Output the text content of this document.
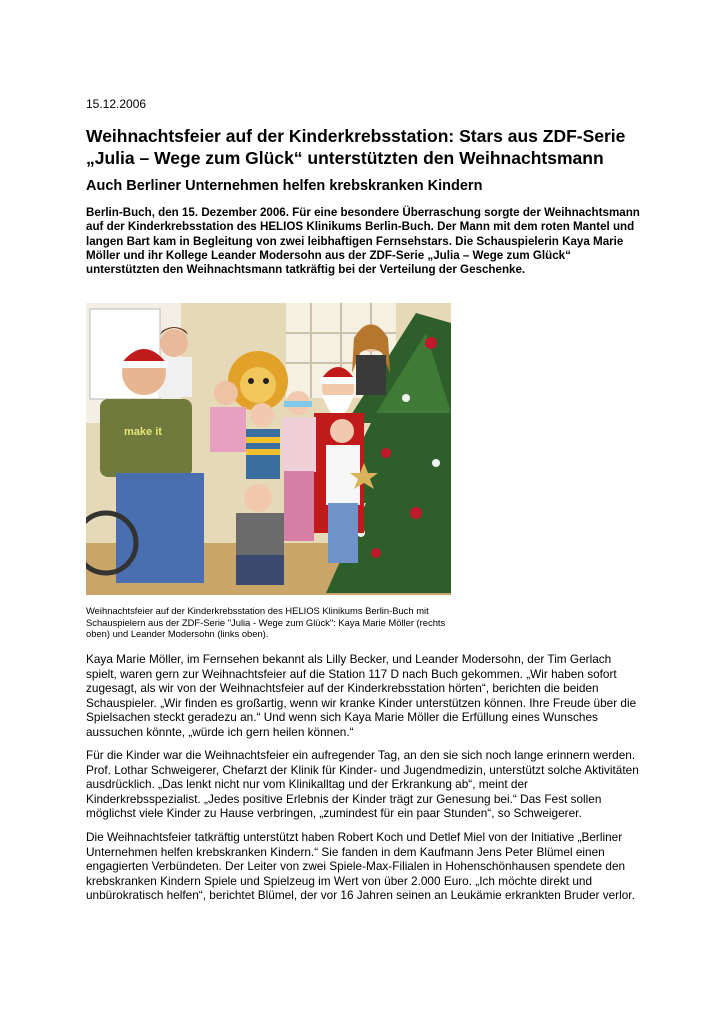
15.12.2006
Weihnachtsfeier auf der Kinderkrebsstation: Stars aus ZDF-Serie „Julia – Wege zum Glück“ unterstützten den Weihnachtsmann
Auch Berliner Unternehmen helfen krebskranken Kindern

Berlin-Buch, den 15. Dezember 2006. Für eine besondere Überraschung sorgte der Weihnachtsmann auf der Kinderkrebsstation des HELIOS Klinikums Berlin-Buch. Der Mann mit dem roten Mantel und langen Bart kam in Begleitung von zwei leibhaftigen Fernsehstars. Die Schauspielerin Kaya Marie Möller und ihr Kollege Leander Modersohn aus der ZDF-Serie „Julia – Wege zum Glück“ unterstützten den Weihnachtsmann tatkräftig bei der Verteilung der Geschenke.

make it

Weihnachtsfeier auf der Kinderkrebsstation des HELIOS Klinikums Berlin-Buch mit Schauspielern aus der ZDF-Serie "Julia - Wege zum Glück": Kaya Marie Möller (rechts oben) und Leander Modersohn (links oben).

Kaya Marie Möller, im Fernsehen bekannt als Lilly Becker, und Leander Modersohn, der Tim Gerlach spielt, waren gern zur Weihnachtsfeier auf die Station 117 D nach Buch gekommen. „Wir haben sofort zugesagt, als wir von der Weihnachtsfeier auf der Kinderkrebsstation hörten“, berichten die beiden Schauspieler. „Wir finden es großartig, wenn wir kranke Kinder unterstützen können. Ihre Freude über die Spielsachen steckt geradezu an.“ Und wenn sich Kaya Marie Möller die Erfüllung eines Wunsches aussuchen könnte, „würde ich gern heilen können.“

Für die Kinder war die Weihnachtsfeier ein aufregender Tag, an den sie sich noch lange erinnern werden. Prof. Lothar Schweigerer, Chefarzt der Klinik für Kinder- und Jugendmedizin, unterstützt solche Aktivitäten ausdrücklich. „Das lenkt nicht nur vom Klinikalltag und der Erkrankung ab“, meint der Kinderkrebsspezialist. „Jedes positive Erlebnis der Kinder trägt zur Genesung bei.“ Das Fest sollen möglichst viele Kinder zu Hause verbringen, „zumindest für ein paar Stunden“, so Schweigerer.

Die Weihnachtsfeier tatkräftig unterstützt haben Robert Koch und Detlef Miel von der Initiative „Berliner Unternehmen helfen krebskranken Kindern.“ Sie fanden in dem Kaufmann Jens Peter Blümel einen engagierten Verbündeten. Der Leiter von zwei Spiele-Max-Filialen in Hohenschönhausen spendete den krebskranken Kindern Spiele und Spielzeug im Wert von über 2.000 Euro. „Ich möchte direkt und unbürokratisch helfen“, berichtet Blümel, der vor 16 Jahren seinen an Leukämie erkrankten Bruder verlor.
